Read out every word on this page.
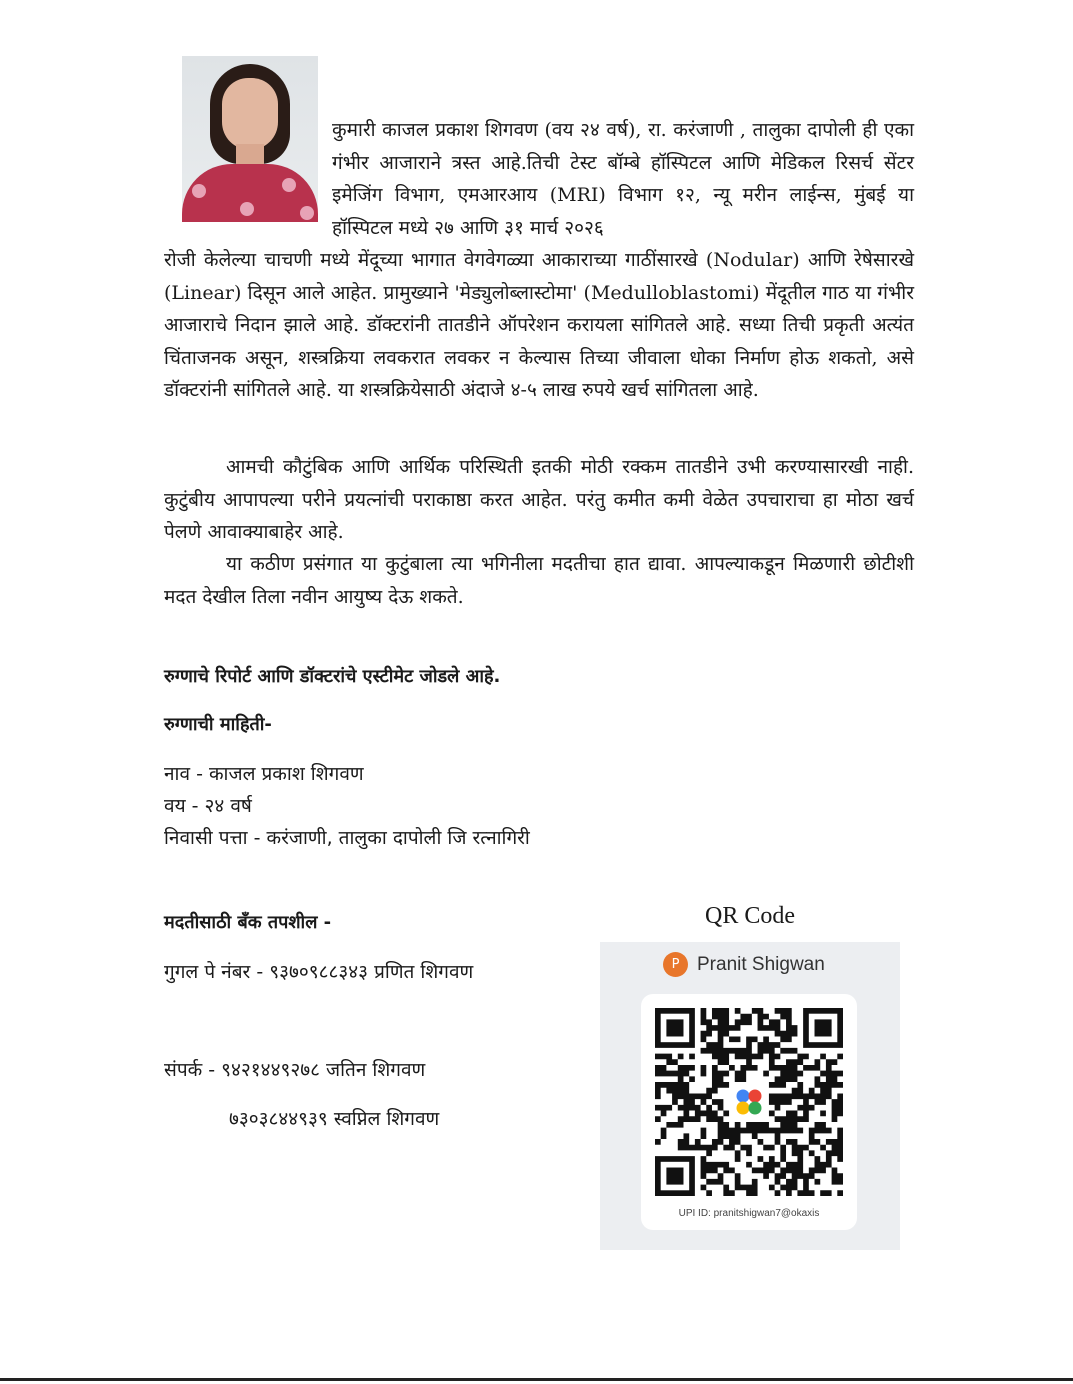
कुमारी काजल प्रकाश शिगवण (वय २४ वर्ष), रा. करंजाणी , तालुका दापोली ही एका गंभीर आजाराने त्रस्त आहे.तिची टेस्ट बॉम्बे हॉस्पिटल आणि मेडिकल रिसर्च सेंटर इमेजिंग विभाग, एमआरआय (MRI) विभाग १२, न्यू मरीन लाईन्स, मुंबई या हॉस्पिटल मध्ये २७ आणि ३१ मार्च २०२६

रोजी केलेल्या चाचणी मध्ये मेंदूच्या भागात वेगवेगळ्या आकाराच्या गाठींसारखे (Nodular) आणि रेषेसारखे (Linear) दिसून आले आहेत. प्रामुख्याने 'मेड्युलोब्लास्टोमा' (Medulloblastomi) मेंदूतील गाठ या गंभीर आजाराचे निदान झाले आहे. डॉक्टरांनी तातडीने ऑपरेशन करायला सांगितले आहे. सध्या तिची प्रकृती अत्यंत चिंताजनक असून, शस्त्रक्रिया लवकरात लवकर न केल्यास तिच्या जीवाला धोका निर्माण होऊ शकतो, असे डॉक्टरांनी सांगितले आहे. या शस्त्रक्रियेसाठी अंदाजे ४-५ लाख रुपये खर्च सांगितला आहे.

आमची कौटुंबिक आणि आर्थिक परिस्थिती इतकी मोठी रक्कम तातडीने उभी करण्यासारखी नाही. कुटुंबीय आपापल्या परीने प्रयत्नांची पराकाष्ठा करत आहेत. परंतु कमीत कमी वेळेत उपचाराचा हा मोठा खर्च पेलणे आवाक्याबाहेर आहे.

या कठीण प्रसंगात या कुटुंबाला त्या भगिनीला मदतीचा हात द्यावा. आपल्याकडून मिळणारी छोटीशी मदत देखील तिला नवीन आयुष्य देऊ शकते.

रुग्णाचे रिपोर्ट आणि डॉक्टरांचे एस्टीमेट जोडले आहे.

रुग्णाची माहिती-

नाव - काजल प्रकाश शिगवण

वय - २४ वर्ष

निवासी पत्ता - करंजाणी, तालुका दापोली जि रत्नागिरी

मदतीसाठी बँक तपशील -

गुगल पे नंबर - ९३७०९८८३४३ प्रणित शिगवण

संपर्क - ९४२१४४९२७८ जतिन शिगवण

७३०३८४४९३९ स्वप्निल शिगवण

QR Code
P Pranit Shigwan
UPI ID: pranitshigwan7@okaxis
